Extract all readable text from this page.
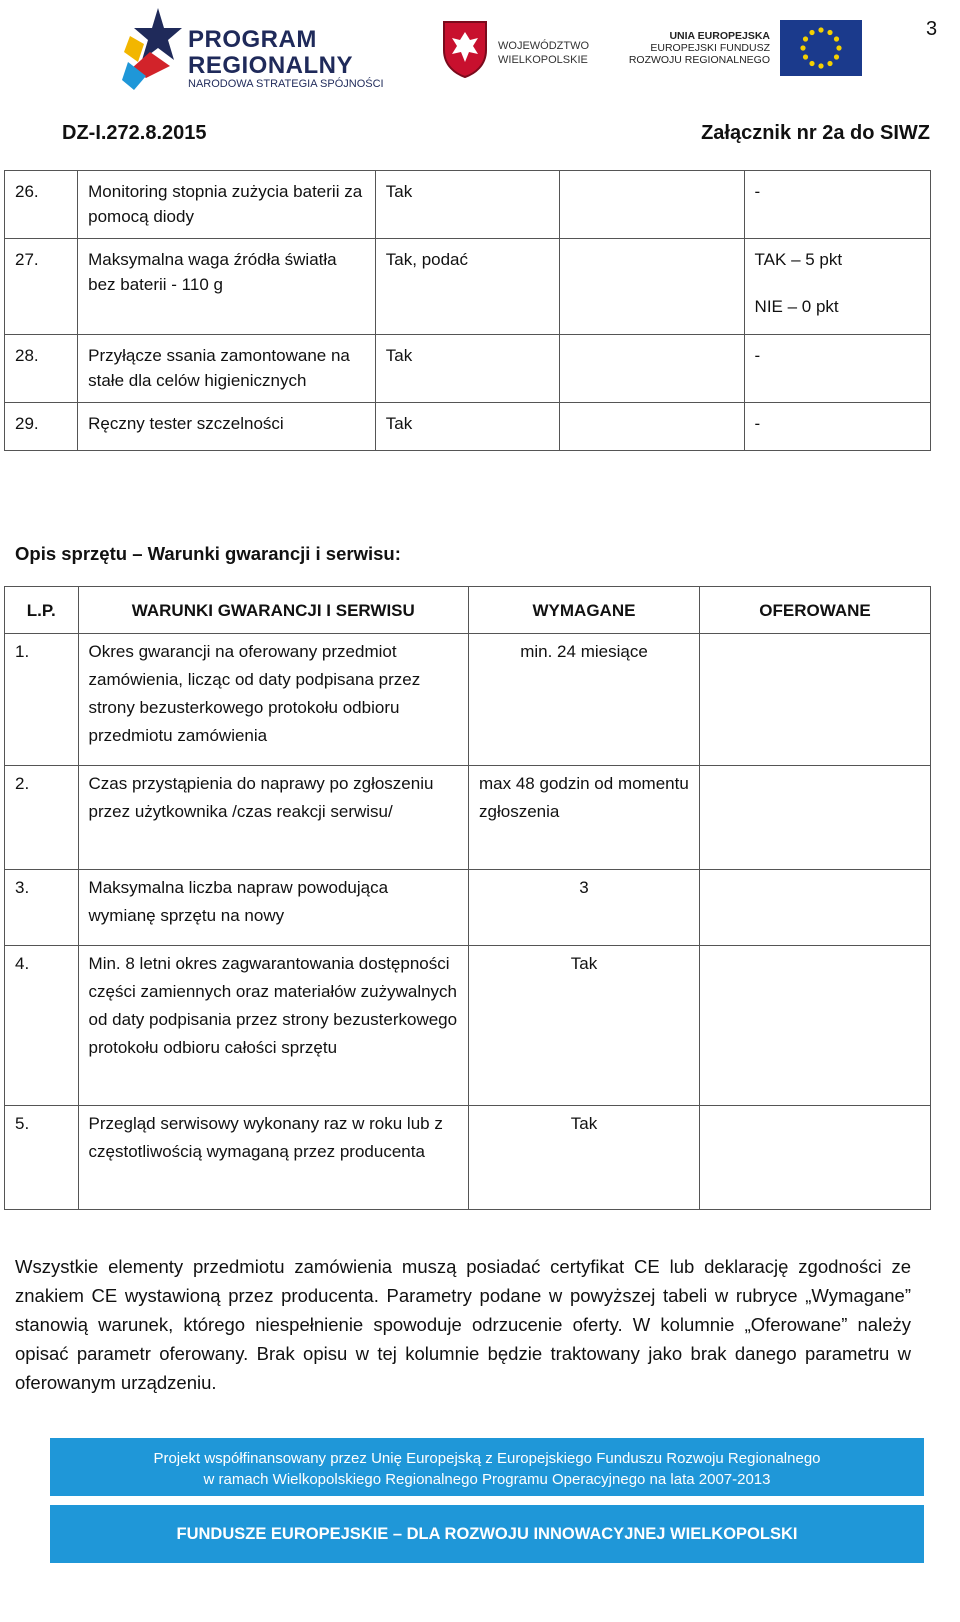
3
PROGRAM
REGIONALNY
NARODOWA STRATEGIA SPÓJNOŚCI
WOJEWÓDZTWO
WIELKOPOLSKIE
UNIA EUROPEJSKA
EUROPEJSKI FUNDUSZ
ROZWOJU REGIONALNEGO
DZ-I.272.8.2015	Załącznik nr 2a do SIWZ
26.	Monitoring stopnia zużycia baterii za pomocą diody	Tak		-
27.	Maksymalna waga źródła światła bez baterii - 110 g	Tak, podać		TAK – 5 pkt
NIE – 0 pkt

28.	Przyłącze ssania zamontowane na stałe dla celów higienicznych	Tak		-
29.	Ręczny tester szczelności	Tak		-
Opis sprzętu – Warunki gwarancji i serwisu:
L.P.	WARUNKI GWARANCJI I SERWISU	WYMAGANE	OFEROWANE
1.	Okres gwarancji na oferowany przedmiot zamówienia, licząc od daty podpisana przez strony bezusterkowego protokołu odbioru przedmiotu zamówienia	min. 24 miesiące	
2.	Czas przystąpienia do naprawy po zgłoszeniu przez użytkownika /czas reakcji serwisu/	max 48 godzin od momentu zgłoszenia	
3.	Maksymalna liczba napraw powodująca wymianę sprzętu na nowy	3	
4.	Min. 8 letni okres zagwarantowania dostępności części zamiennych oraz materiałów zużywalnych od daty podpisania przez strony bezusterkowego protokołu odbioru całości sprzętu	Tak	
5.	Przegląd serwisowy wykonany raz w roku lub z częstotliwością wymaganą przez producenta	Tak	
Wszystkie elementy przedmiotu zamówienia muszą posiadać certyfikat CE lub deklarację zgodności ze znakiem CE wystawioną przez producenta. Parametry podane w powyższej tabeli w rubryce „Wymagane” stanowią warunek, którego niespełnienie spowoduje odrzucenie oferty. W kolumnie „Oferowane” należy opisać parametr oferowany. Brak opisu w tej kolumnie będzie traktowany jako brak danego parametru w oferowanym urządzeniu.
Projekt współfinansowany przez Unię Europejską z Europejskiego Funduszu Rozwoju Regionalnego
w ramach Wielkopolskiego Regionalnego Programu Operacyjnego na lata 2007-2013
FUNDUSZE EUROPEJSKIE – DLA ROZWOJU INNOWACYJNEJ WIELKOPOLSKI
